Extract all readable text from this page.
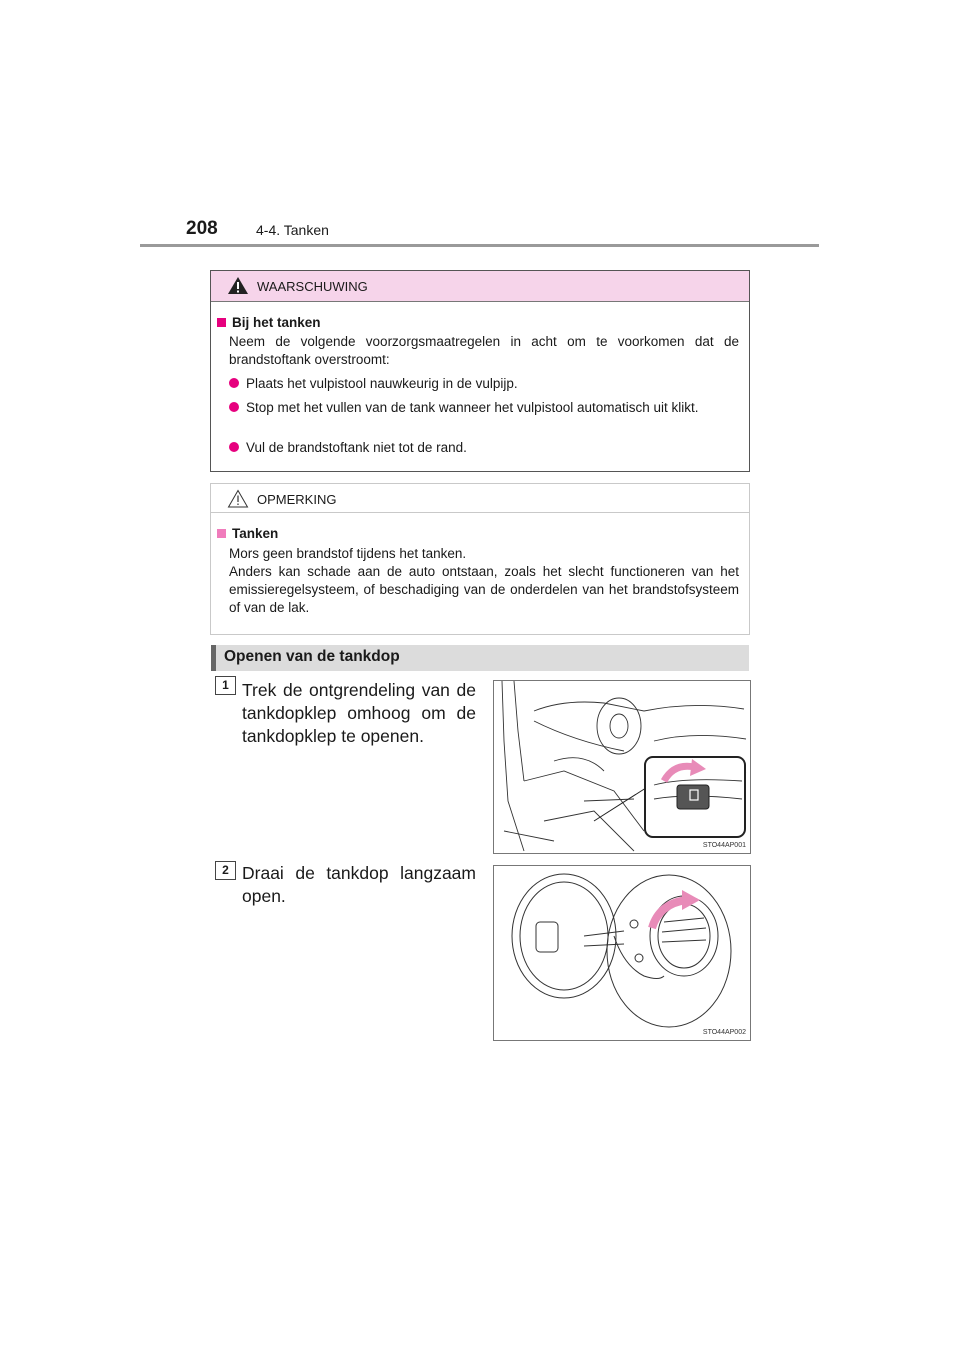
208	4-4. Tanken
WAARSCHUWING
Bij het tanken
Neem de volgende voorzorgsmaatregelen in acht om te voorkomen dat de brandstoftank overstroomt:
Plaats het vulpistool nauwkeurig in de vulpijp.
Stop met het vullen van de tank wanneer het vulpistool automatisch uit klikt.
Vul de brandstoftank niet tot de rand.
OPMERKING
Tanken
Mors geen brandstof tijdens het tanken.
Anders kan schade aan de auto ontstaan, zoals het slecht functioneren van het emissieregelsysteem, of beschadiging van de onderdelen van het brandstofsysteem of van de lak.
Openen van de tankdop
1 Trek de ontgrendeling van de tankdopklep omhoog om de tankdopklep te openen.
STO44AP001
2 Draai de tankdop langzaam open.
STO44AP002
